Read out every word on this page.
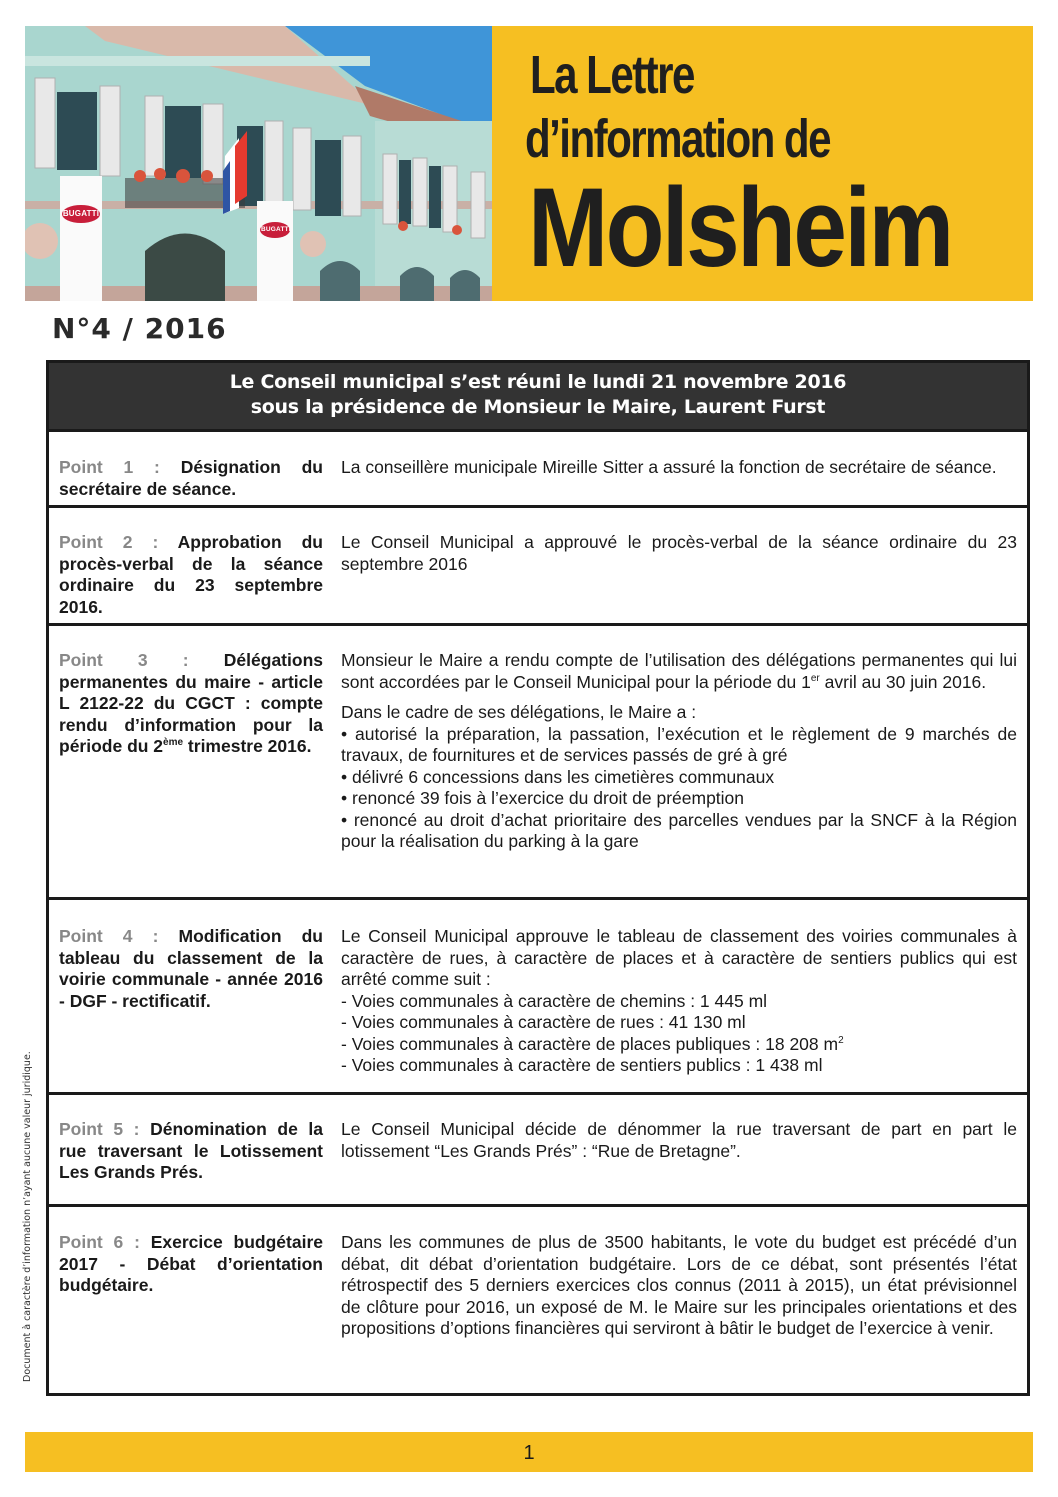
BUGATTI
BUGATTI
La Lettre
d’information de
Molsheim
N°4 / 2016
Le Conseil municipal s’est réuni le lundi 21 novembre 2016
sous la présidence de Monsieur le Maire, Laurent Furst
Point 1 : Désignation du secrétaire de séance.

La conseillère municipale Mireille Sitter a assuré la fonction de secrétaire de séance.

Point 2 : Approbation du procès-verbal de la séance ordinaire du 23 septembre 2016.

Le Conseil Municipal a approuvé le procès-verbal de la séance ordinaire du 23 septembre 2016

Point 3 : Délégations permanentes du maire - article L 2122-22 du CGCT : compte rendu d’information pour la période du 2ème trimestre 2016.

Monsieur le Maire a rendu compte de l’utilisation des délégations permanentes qui lui sont accordées par le Conseil Municipal pour la période du 1er avril au 30 juin 2016.

Dans le cadre de ses délégations, le Maire a :
• autorisé la préparation, la passation, l’exécution et le règlement de 9 marchés de travaux, de fournitures et de services passés de gré à gré
• délivré 6 concessions dans les cimetières communaux
• renoncé 39 fois à l’exercice du droit de préemption
• renoncé au droit d’achat prioritaire des parcelles vendues par la SNCF à la Région pour la réalisation du parking à la gare

Point 4 : Modification du tableau du classement de la voirie communale - année 2016 - DGF - rectificatif.

Le Conseil Municipal approuve le tableau de classement des voiries communales à caractère de rues, à caractère de places et à caractère de sentiers publics qui est arrêté comme suit :
- Voies communales à caractère de chemins : 1 445 ml
- Voies communales à caractère de rues : 41 130 ml
- Voies communales à caractère de places publiques : 18 208 $m^2$
- Voies communales à caractère de sentiers publics : 1 438 ml

Point 5 : Dénomination de la rue traversant le Lotissement Les Grands Prés.

Le Conseil Municipal décide de dénommer la rue traversant de part en part le lotissement “Les Grands Prés” : “Rue de Bretagne”.

Point 6 : Exercice budgétaire 2017 - Débat d’orientation budgétaire.

Dans les communes de plus de 3500 habitants, le vote du budget est précédé d’un débat, dit débat d’orientation budgétaire. Lors de ce débat, sont présentés l’état rétrospectif des 5 derniers exercices clos connus (2011 à 2015), un état prévisionnel de clôture pour 2016, un exposé de M. le Maire sur les principales orientations et des propositions d’options financières qui serviront à bâtir le budget de l’exercice à venir.

Document à caractère d’information n’ayant aucune valeur juridique.
1
